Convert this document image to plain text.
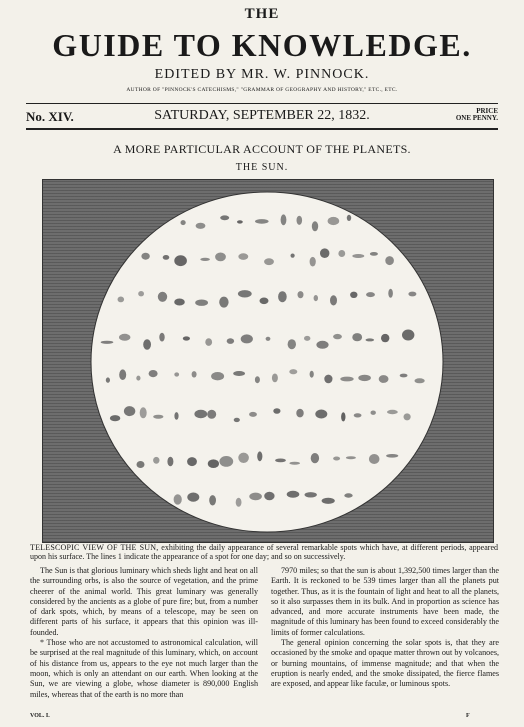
THE
GUIDE TO KNOWLEDGE.
EDITED BY MR. W. PINNOCK.
AUTHOR OF "PINNOCK'S CATECHISMS," "GRAMMAR OF GEOGRAPHY AND HISTORY," ETC., ETC.
No. XIV.	SATURDAY, SEPTEMBER 22, 1832.	PRICE
ONE PENNY.
A MORE PARTICULAR ACCOUNT OF THE PLANETS.
THE SUN.
TELESCOPIC VIEW OF THE SUN, exhibiting the daily appearance of several remarkable spots which have, at different periods, appeared upon his surface. The lines 1 indicate the appearance of a spot for one day; and so on successively.

The Sun is that glorious luminary which sheds light and heat on all the surrounding orbs, is also the source of vegetation, and the prime cheerer of the animal world. This great luminary was generally considered by the ancients as a globe of pure fire; but, from a number of dark spots, which, by means of a telescope, may be seen on different parts of his surface, it appears that this opinion was ill-founded.

* Those who are not accustomed to astronomical calculation, will be surprised at the real magnitude of this luminary, which, on account of his distance from us, appears to the eye not much larger than the moon, which is only an attendant on our earth. When looking at the Sun, we are viewing a globe, whose diameter is 890,000 English miles, whereas that of the earth is no more than

7970 miles; so that the sun is about 1,392,500 times larger than the Earth. It is reckoned to be 539 times larger than all the planets put together. Thus, as it is the fountain of light and heat to all the planets, so it also surpasses them in its bulk. And in proportion as science has advanced, and more accurate instruments have been made, the magnitude of this luminary has been found to exceed considerably the limits of former calculations.

The general opinion concerning the solar spots is, that they are occasioned by the smoke and opaque matter thrown out by volcanoes, or burning mountains, of immense magnitude; and that when the eruption is nearly ended, and the smoke dissipated, the fierce flames are exposed, and appear like faculæ, or luminous spots.

VOL. I.	F
